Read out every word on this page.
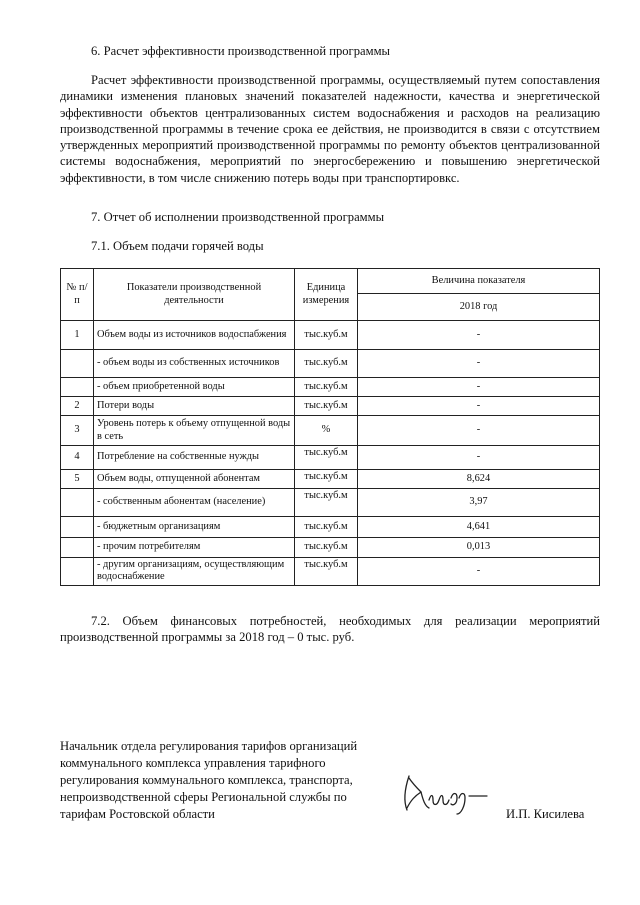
6. Расчет эффективности производственной программы
Расчет эффективности производственной программы, осуществляемый путем сопоставления динамики изменения плановых значений показателей надежности, качества и энергетической эффективности объектов централизованных систем водоснабжения и расходов на реализацию производственной программы в течение срока ее действия, не производится в связи с отсутствием утвержденных мероприятий производственной программы по ремонту объектов централизованной системы водоснабжения, мероприятий по энергосбережению и повышению энергетической эффективности, в том числе снижению потерь воды при транспортировкс.
7. Отчет об исполнении производственной программы
7.1. Объем подачи горячей воды
№ п/п	Показатели производственной деятельности	Единица измерения	Величина показателя
			2018 год
1	Объем воды из источников водоспабжения	тыс.куб.м	-
	- объем воды из собственных источников	тыс.куб.м	-
	- объем приобретенной воды	тыс.куб.м	-
2	Потери воды	тыс.куб.м	-
3	Уровень потерь к объему отпущенной воды в сеть	%	-
4	Потребление на собственные нужды	тыс.куб.м	-
5	Объем воды, отпущенной абонентам	тыс.куб.м	8,624
	- собственным абонентам (население)	тыс.куб.м	3,97
	- бюджетным организациям	тыс.куб.м	4,641
	- прочим потребителям	тыс.куб.м	0,013
	- другим организациям, осуществляющим водоснабжение	тыс.куб.м	-
7.2. Объем финансовых потребностей, необходимых для реализации мероприятий производственной программы за 2018 год – 0 тыс. руб.
Начальник отдела регулирования тарифов организаций
коммунального комплекса управления тарифного
регулирования коммунального комплекса, транспорта,
непроизводственной сферы Региональной службы по
тарифам Ростовской области	И.П. Кисилева
